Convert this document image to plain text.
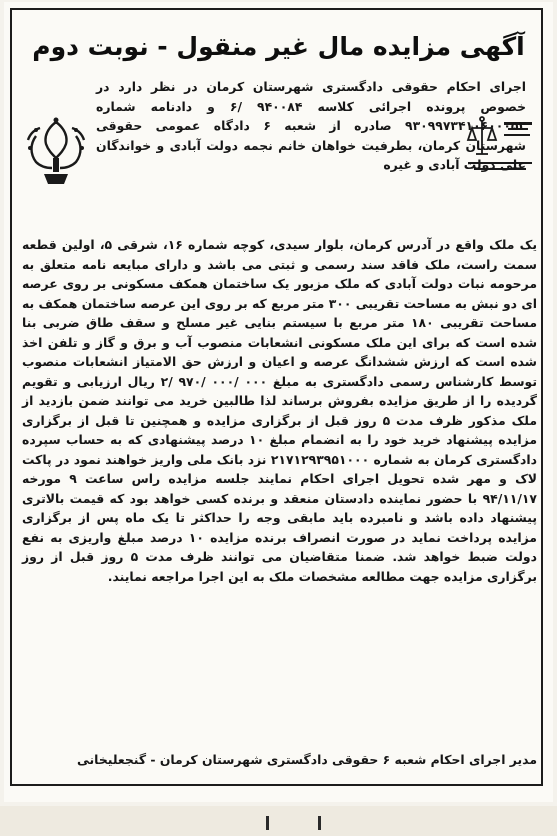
آگهی مزایده مال غیر منقول - نوبت دوم
اجرای احکام حقوقی دادگستری شهرستان کرمان در نظر دارد در خصوص پرونده اجرائی کلاسه ۹۴۰۰۸۴ /۶ و دادنامه شماره ۹۳۰۹۹۷۳۴۱۰۶۰۰۰۵۲ صادره از شعبه ۶ دادگاه عمومی حقوقی شهرستان کرمان، بطرفیت خواهان خانم نجمه دولت آبادی و خواندگان علی دولت آبادی و غیره
یک ملک واقع در آدرس کرمان، بلوار سیدی، کوچه شماره ۱۶، شرقی ۵، اولین قطعه سمت راست، ملک فاقد سند رسمی و ثبتی می باشد و دارای مبایعه نامه متعلق به مرحومه نبات دولت آبادی که ملک مزبور یک ساختمان همکف مسکونی بر روی عرصه ای دو نبش به مساحت تقریبی ۳۰۰ متر مربع که بر روی این عرصه ساختمان همکف به مساحت تقریبی ۱۸۰ متر مربع با سیستم بنایی غیر مسلح و سقف طاق ضربی بنا شده است که برای این ملک مسکونی انشعابات منصوب آب و برق و گاز و تلفن اخذ شده است که ارزش ششدانگ عرصه و اعیان و ارزش حق الامتیاز انشعابات منصوب توسط کارشناس رسمی دادگستری به مبلغ ۰۰۰ /۰۰۰ /۹۷۰ /۲ ریال ارزیابی و تقویم گردیده را از طریق مزایده بفروش برساند لذا طالبین خرید می توانند ضمن بازدید از ملک مذکور ظرف مدت ۵ روز قبل از برگزاری مزایده و همچنین تا قبل از برگزاری مزایده پیشنهاد خرید خود را به انضمام مبلغ ۱۰ درصد پیشنهادی که به حساب سپرده دادگستری کرمان به شماره ۲۱۷۱۲۹۳۹۵۱۰۰۰ نزد بانک ملی واریز خواهند نمود در پاکت لاک و مهر شده تحویل اجرای احکام نمایند جلسه مزایده راس ساعت ۹ مورخه ۹۴/۱۱/۱۷ با حضور نماینده دادستان منعقد و برنده کسی خواهد بود که قیمت بالاتری پیشنهاد داده باشد و نامبرده باید مابقی وجه را حداکثر تا یک ماه پس از برگزاری مزایده پرداخت نماید در صورت انصراف برنده مزایده ۱۰ درصد مبلغ واریزی به نفع دولت ضبط خواهد شد. ضمنا متقاضیان می توانند ظرف مدت ۵ روز قبل از روز برگزاری مزایده جهت مطالعه مشخصات ملک به این اجرا مراجعه نمایند.
مدیر اجرای احکام شعبه ۶ حقوقی دادگستری شهرستان کرمان - گنجعلیخانی
